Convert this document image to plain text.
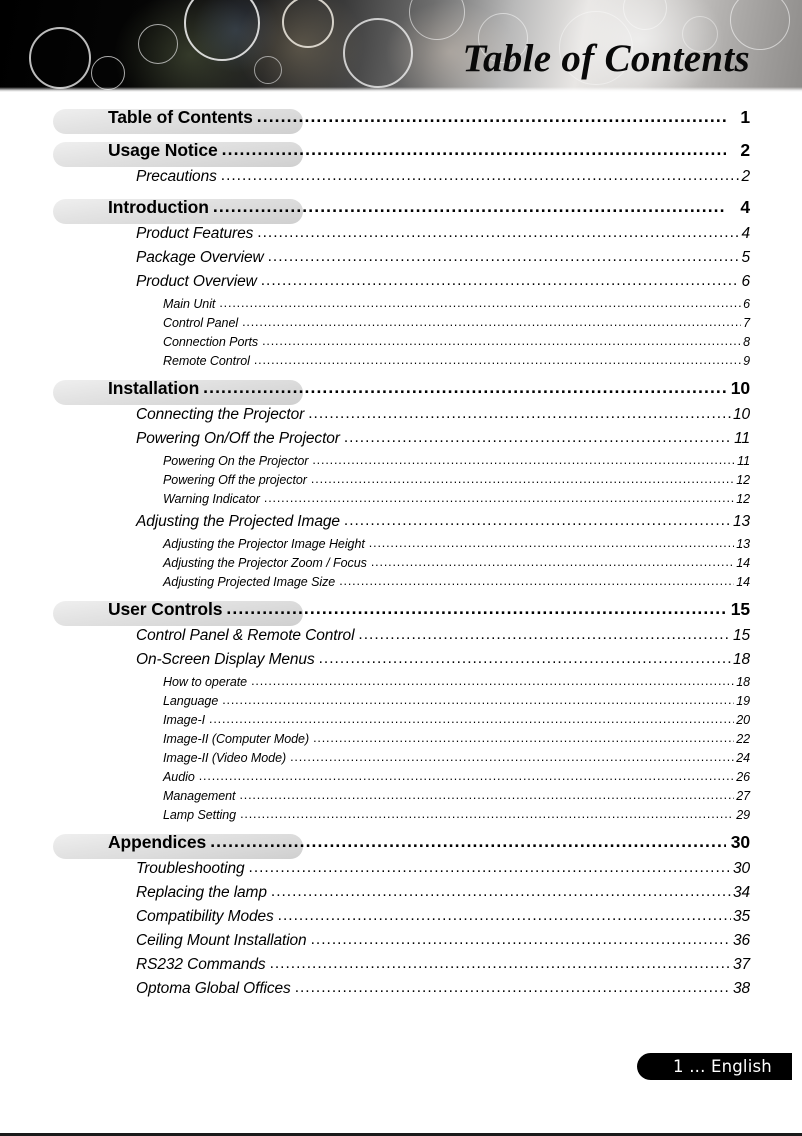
Table of Contents
Table of Contents .....	1
Usage Notice .....	2
Precautions .....	2
Introduction .....	4
Product Features .....	4
Package Overview .....	5
Product Overview .....	6
Main Unit .....	6
Control Panel .....	7
Connection Ports .....	8
Remote Control .....	9
Installation .....	10
Connecting the Projector .....	10
Powering On/Off the Projector .....	11
Powering On the Projector .....	11
Powering Off the projector .....	12
Warning Indicator .....	12
Adjusting the Projected Image .....	13
Adjusting the Projector Image Height .....	13
Adjusting the Projector Zoom / Focus .....	14
Adjusting Projected Image Size .....	14
User Controls .....	15
Control Panel & Remote Control .....	15
On-Screen Display Menus .....	18
How to operate .....	18
Language .....	19
Image-I .....	20
Image-II (Computer Mode) .....	22
Image-II (Video Mode) .....	24
Audio .....	26
Management .....	27
Lamp Setting .....	29
Appendices .....	30
Troubleshooting .....	30
Replacing the lamp .....	34
Compatibility Modes .....	35
Ceiling Mount Installation .....	36
RS232 Commands .....	37
Optoma Global Offices .....	38
1 ... English
